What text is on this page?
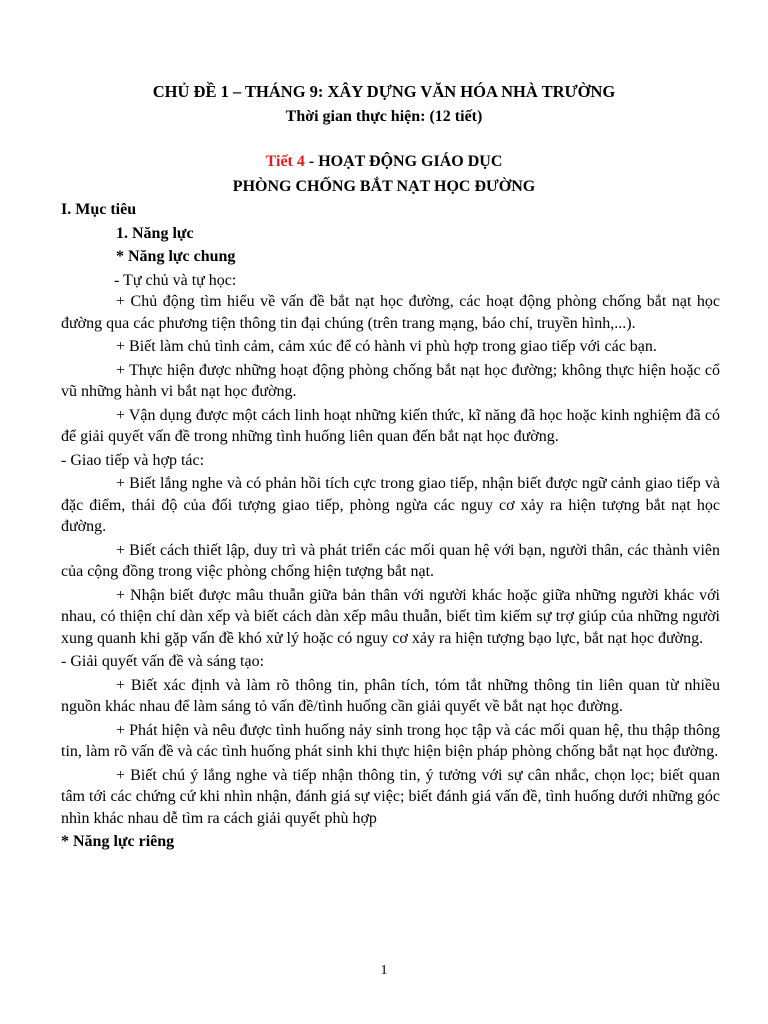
CHỦ ĐỀ 1 – THÁNG 9: XÂY DỰNG VĂN HÓA NHÀ TRƯỜNG
Thời gian thực hiện: (12 tiết)
Tiết 4 - HOẠT ĐỘNG GIÁO DỤC
PHÒNG CHỐNG BẮT NẠT HỌC ĐƯỜNG

I. Mục tiêu

1. Năng lực

* Năng lực chung

- Tự chủ và tự học:

+ Chủ động tìm hiểu về vấn đề bắt nạt học đường, các hoạt động phòng chống bắt nạt học đường qua các phương tiện thông tin đại chúng (trên trang mạng, báo chí, truyền hình,...).

+ Biết làm chủ tình cảm, cảm xúc để có hành vi phù hợp trong giao tiếp với các bạn.

+ Thực hiện được những hoạt động phòng chống bắt nạt học đường; không thực hiện hoặc cổ vũ những hành vi bắt nạt học đường.

+ Vận dụng được một cách linh hoạt những kiến thức, kĩ năng đã học hoặc kinh nghiệm đã có để giải quyết vấn đề trong những tình huống liên quan đến bắt nạt học đường.

- Giao tiếp và hợp tác:

+ Biết lắng nghe và có phản hồi tích cực trong giao tiếp, nhận biết được ngữ cảnh giao tiếp và đặc điểm, thái độ của đối tượng giao tiếp, phòng ngừa các nguy cơ xảy ra hiện tượng bắt nạt học đường.

+ Biết cách thiết lập, duy trì và phát triển các mối quan hệ với bạn, người thân, các thành viên của cộng đồng trong việc phòng chống hiện tượng bắt nạt.

+ Nhận biết được mâu thuẫn giữa bản thân với người khác hoặc giữa những người khác với nhau, có thiện chí dàn xếp và biết cách dàn xếp mâu thuẫn, biết tìm kiếm sự trợ giúp của những người xung quanh khi gặp vấn đề khó xử lý hoặc có nguy cơ xảy ra hiện tượng bạo lực, bắt nạt học đường.

- Giải quyết vấn đề và sáng tạo:

+ Biết xác định và làm rõ thông tin, phân tích, tóm tắt những thông tin liên quan từ nhiều nguồn khác nhau để làm sáng tỏ vấn đề/tình huống cần giải quyết về bắt nạt học đường.

+ Phát hiện và nêu được tình huống nảy sinh trong học tập và các mối quan hệ, thu thập thông tin, làm rõ vấn đề và các tình huống phát sinh khi thực hiện biện pháp phòng chống bắt nạt học đường.

+ Biết chú ý lắng nghe và tiếp nhận thông tin, ý tưởng với sự cân nhắc, chọn lọc; biết quan tâm tới các chứng cứ khi nhìn nhận, đánh giá sự việc; biết đánh giá vấn đề, tình huống dưới những góc nhìn khác nhau dễ tìm ra cách giải quyết phù hợp

* Năng lực riêng

1
